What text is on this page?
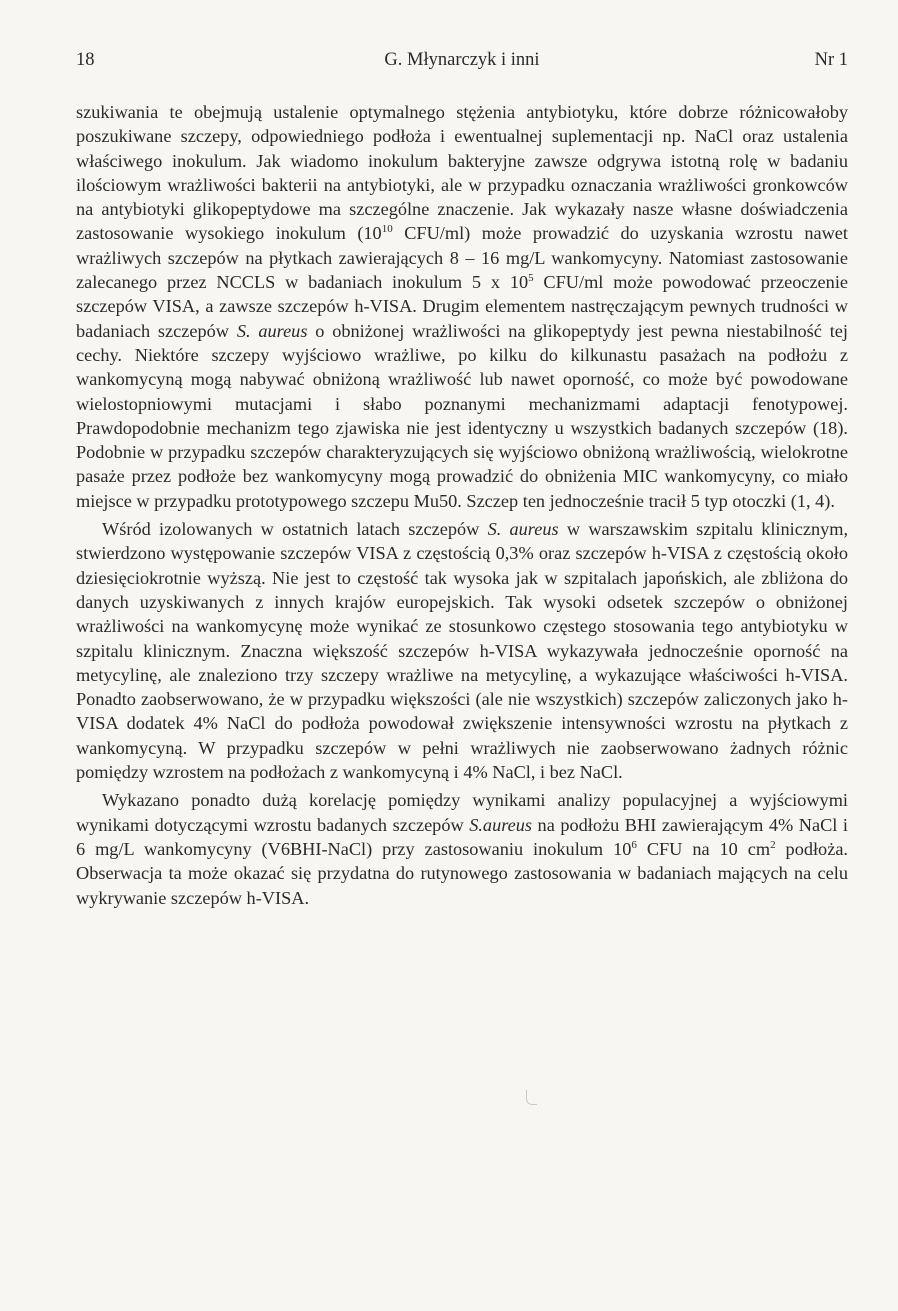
18	G. Młynarczyk i inni	Nr 1

szukiwania te obejmują ustalenie optymalnego stężenia antybiotyku, które dobrze różnicowałoby poszukiwane szczepy, odpowiedniego podłoża i ewentualnej suplementacji np. NaCl oraz ustalenia właściwego inokulum. Jak wiadomo inokulum bakteryjne zawsze odgrywa istotną rolę w badaniu ilościowym wrażliwości bakterii na antybiotyki, ale w przypadku oznaczania wrażliwości gronkowców na antybiotyki glikopeptydowe ma szczególne znaczenie. Jak wykazały nasze własne doświadczenia zastosowanie wysokiego inokulum ($10^{10}$ CFU/ml) może prowadzić do uzyskania wzrostu nawet wrażliwych szczepów na płytkach zawierających 8 – 16 mg/L wankomycyny. Natomiast zastosowanie zalecanego przez NCCLS w badaniach inokulum 5 x $10^5$ CFU/ml może powodować przeoczenie szczepów VISA, a zawsze szczepów h-VISA. Drugim elementem nastręczającym pewnych trudności w badaniach szczepów S. aureus o obniżonej wrażliwości na glikopeptydy jest pewna niestabilność tej cechy. Niektóre szczepy wyjściowo wrażliwe, po kilku do kilkunastu pasażach na podłożu z wankomycyną mogą nabywać obniżoną wrażliwość lub nawet oporność, co może być powodowane wielostopniowymi mutacjami i słabo poznanymi mechanizmami adaptacji fenotypowej. Prawdopodobnie mechanizm tego zjawiska nie jest identyczny u wszystkich badanych szczepów (18). Podobnie w przypadku szczepów charakteryzujących się wyjściowo obniżoną wrażliwością, wielokrotne pasaże przez podłoże bez wankomycyny mogą prowadzić do obniżenia MIC wankomycyny, co miało miejsce w przypadku prototypowego szczepu Mu50. Szczep ten jednocześnie tracił 5 typ otoczki (1, 4).

Wśród izolowanych w ostatnich latach szczepów S. aureus w warszawskim szpitalu klinicznym, stwierdzono występowanie szczepów VISA z częstością 0,3% oraz szczepów h-VISA z częstością około dziesięciokrotnie wyższą. Nie jest to częstość tak wysoka jak w szpitalach japońskich, ale zbliżona do danych uzyskiwanych z innych krajów europejskich. Tak wysoki odsetek szczepów o obniżonej wrażliwości na wankomycynę może wynikać ze stosunkowo częstego stosowania tego antybiotyku w szpitalu klinicznym. Znaczna większość szczepów h-VISA wykazywała jednocześnie oporność na metycylinę, ale znaleziono trzy szczepy wrażliwe na metycylinę, a wykazujące właściwości h-VISA. Ponadto zaobserwowano, że w przypadku większości (ale nie wszystkich) szczepów zaliczonych jako h-VISA dodatek 4% NaCl do podłoża powodował zwiększenie intensywności wzrostu na płytkach z wankomycyną. W przypadku szczepów w pełni wrażliwych nie zaobserwowano żadnych różnic pomiędzy wzrostem na podłożach z wankomycyną i 4% NaCl, i bez NaCl.

Wykazano ponadto dużą korelację pomiędzy wynikami analizy populacyjnej a wyjściowymi wynikami dotyczącymi wzrostu badanych szczepów S.aureus na podłożu BHI zawierającym 4% NaCl i 6 mg/L wankomycyny (V6BHI-NaCl) przy zastosowaniu inokulum $10^6$ CFU na 10 $cm^2$ podłoża. Obserwacja ta może okazać się przydatna do rutynowego zastosowania w badaniach mających na celu wykrywanie szczepów h-VISA.
